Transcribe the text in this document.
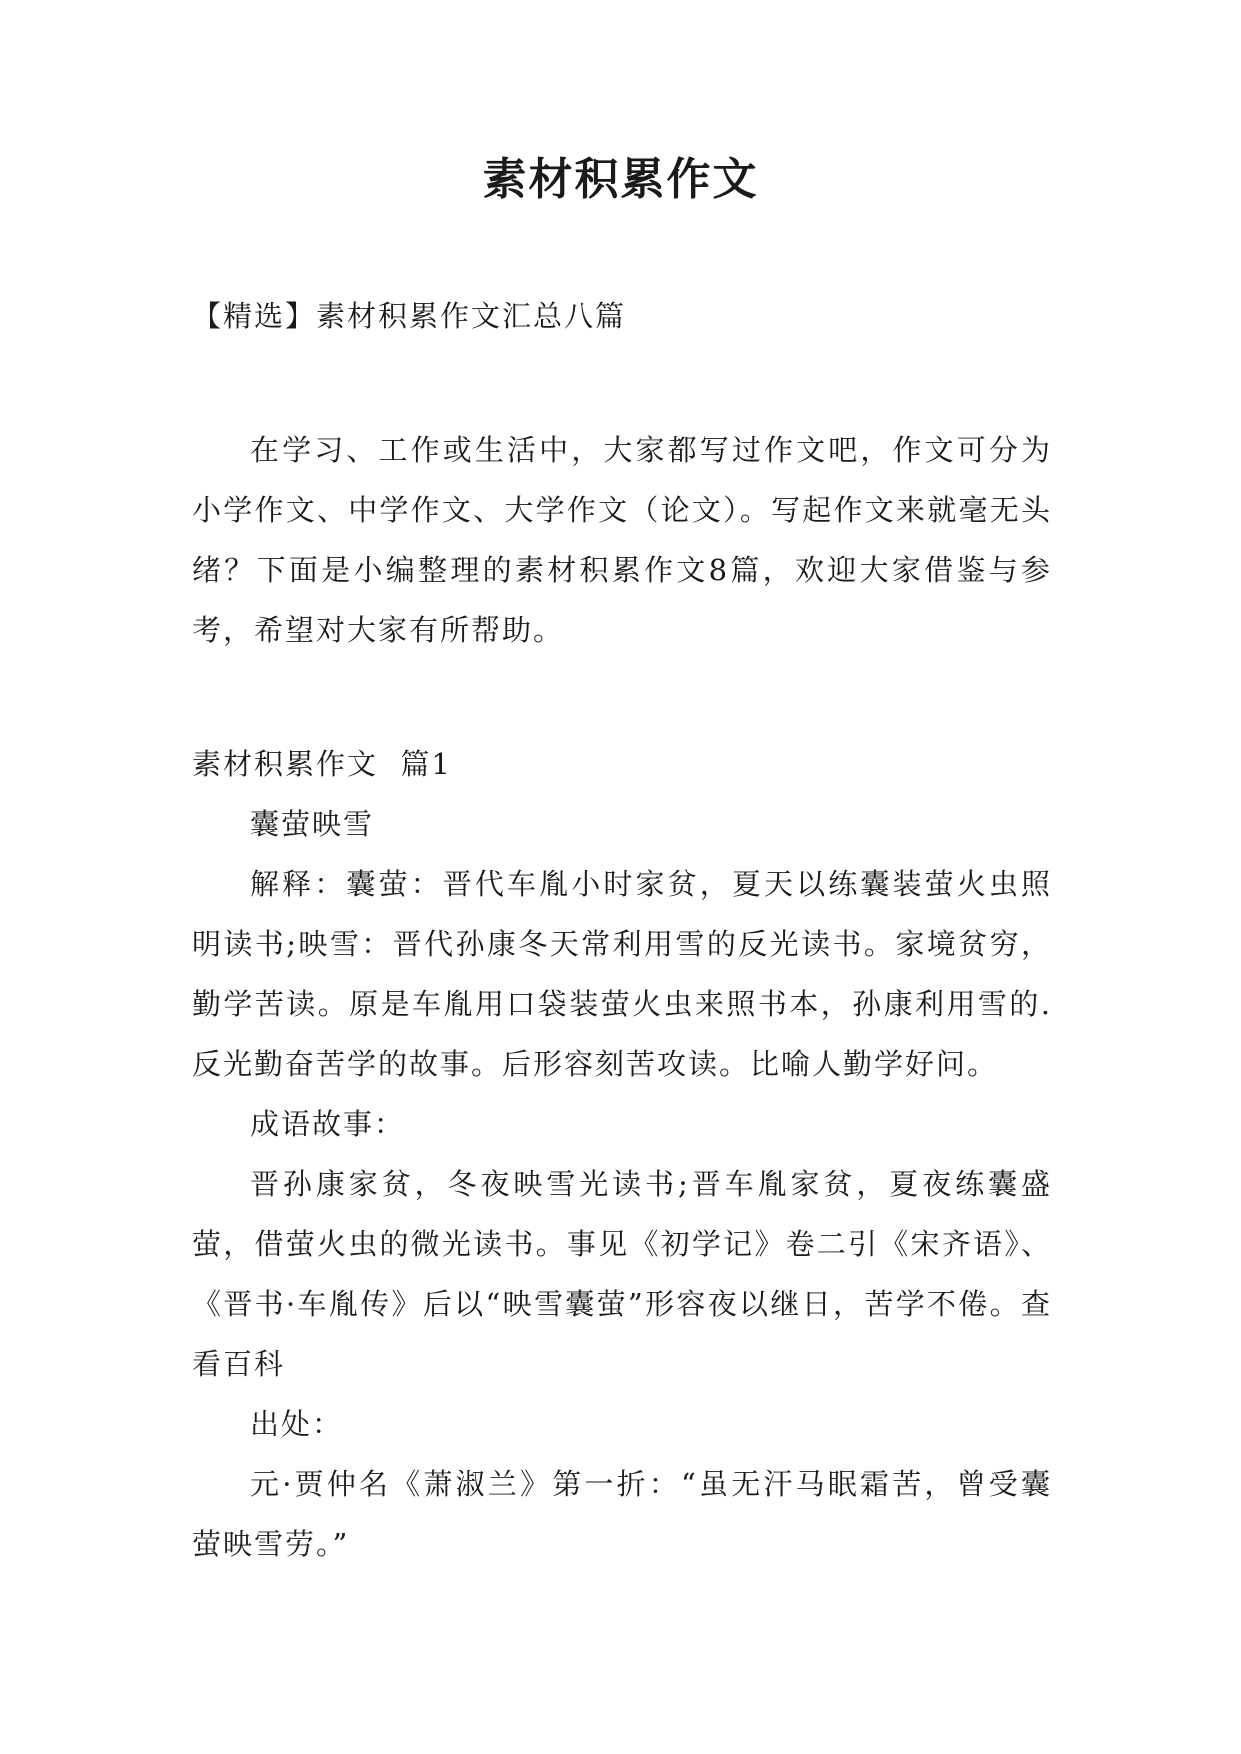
素材积累作文

【精选】素材积累作文汇总八篇

在学习、工作或生活中，大家都写过作文吧，作文可分为小学作文、中学作文、大学作文（论文）。写起作文来就毫无头绪？下面是小编整理的素材积累作文8篇，欢迎大家借鉴与参考，希望对大家有所帮助。

素材积累作文  篇1

囊萤映雪

解释：囊萤：晋代车胤小时家贫，夏天以练囊装萤火虫照明读书;映雪：晋代孙康冬天常利用雪的反光读书。家境贫穷，勤学苦读。原是车胤用口袋装萤火虫来照书本，孙康利用雪的.反光勤奋苦学的故事。后形容刻苦攻读。比喻人勤学好问。

成语故事：

晋孙康家贫，冬夜映雪光读书;晋车胤家贫，夏夜练囊盛萤，借萤火虫的微光读书。事见《初学记》卷二引《宋齐语》、《晋书·车胤传》后以“映雪囊萤”形容夜以继日，苦学不倦。查看百科

出处：

元·贾仲名《萧淑兰》第一折：“虽无汗马眠霜苦，曾受囊萤映雪劳。”
